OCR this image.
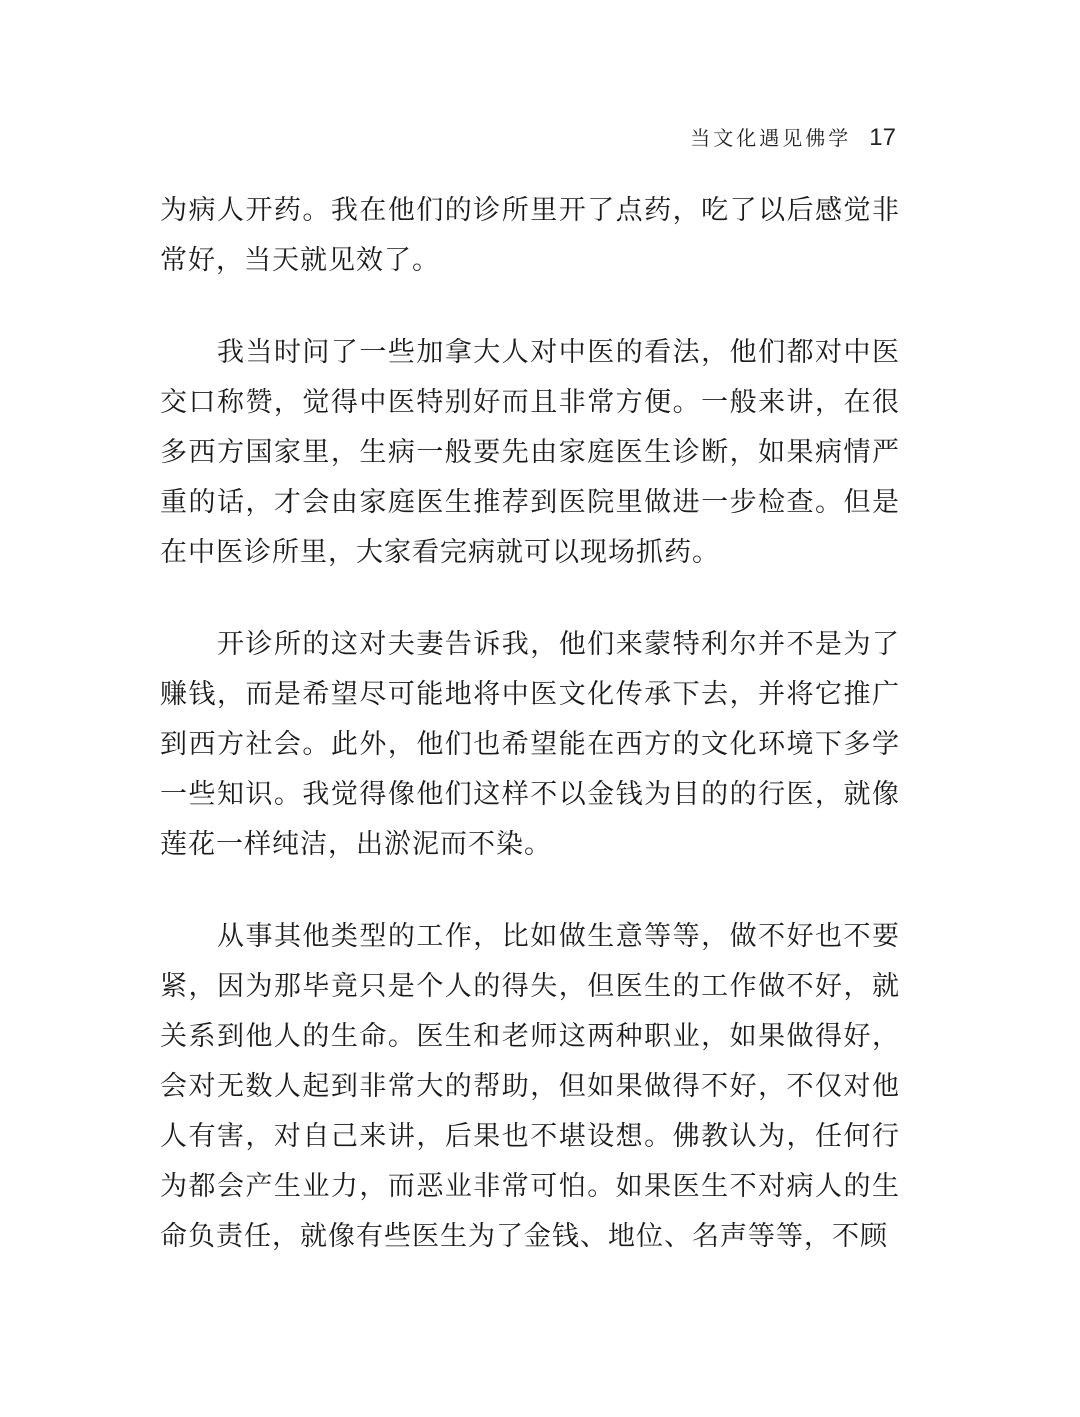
当文化遇见佛学 17

为病人开药。我在他们的诊所里开了点药，吃了以后感觉非常好，当天就见效了。

我当时问了一些加拿大人对中医的看法，他们都对中医交口称赞，觉得中医特别好而且非常方便。一般来讲，在很多西方国家里，生病一般要先由家庭医生诊断，如果病情严重的话，才会由家庭医生推荐到医院里做进一步检查。但是在中医诊所里，大家看完病就可以现场抓药。

开诊所的这对夫妻告诉我，他们来蒙特利尔并不是为了赚钱，而是希望尽可能地将中医文化传承下去，并将它推广到西方社会。此外，他们也希望能在西方的文化环境下多学一些知识。我觉得像他们这样不以金钱为目的的行医，就像莲花一样纯洁，出淤泥而不染。

从事其他类型的工作，比如做生意等等，做不好也不要紧，因为那毕竟只是个人的得失，但医生的工作做不好，就关系到他人的生命。医生和老师这两种职业，如果做得好，会对无数人起到非常大的帮助，但如果做得不好，不仅对他人有害，对自己来讲，后果也不堪设想。佛教认为，任何行为都会产生业力，而恶业非常可怕。如果医生不对病人的生命负责任，就像有些医生为了金钱、地位、名声等等，不顾
